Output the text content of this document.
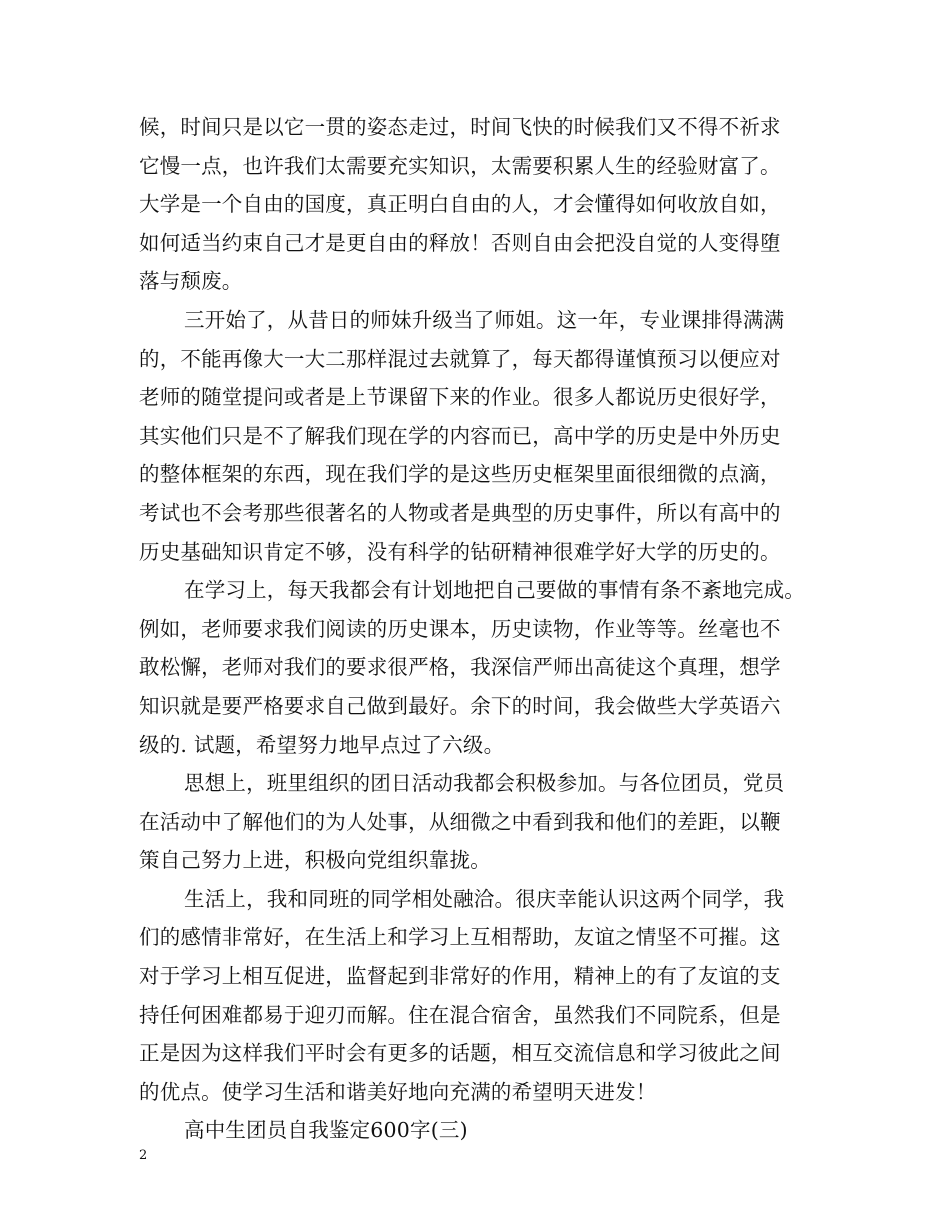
候，时间只是以它一贯的姿态走过，时间飞快的时候我们又不得不祈求
它慢一点，也许我们太需要充实知识，太需要积累人生的经验财富了。
大学是一个自由的国度，真正明白自由的人，才会懂得如何收放自如，
如何适当约束自己才是更自由的释放！否则自由会把没自觉的人变得堕
落与颓废。
三开始了，从昔日的师妹升级当了师姐。这一年，专业课排得满满
的，不能再像大一大二那样混过去就算了，每天都得谨慎预习以便应对
老师的随堂提问或者是上节课留下来的作业。很多人都说历史很好学，
其实他们只是不了解我们现在学的内容而已，高中学的历史是中外历史
的整体框架的东西，现在我们学的是这些历史框架里面很细微的点滴，
考试也不会考那些很著名的人物或者是典型的历史事件，所以有高中的
历史基础知识肯定不够，没有科学的钻研精神很难学好大学的历史的。
在学习上，每天我都会有计划地把自己要做的事情有条不紊地完成。
例如，老师要求我们阅读的历史课本，历史读物，作业等等。丝毫也不
敢松懈，老师对我们的要求很严格，我深信严师出高徒这个真理，想学
知识就是要严格要求自己做到最好。余下的时间，我会做些大学英语六
级的. 试题，希望努力地早点过了六级。
思想上，班里组织的团日活动我都会积极参加。与各位团员，党员
在活动中了解他们的为人处事，从细微之中看到我和他们的差距，以鞭
策自己努力上进，积极向党组织靠拢。
生活上，我和同班的同学相处融洽。很庆幸能认识这两个同学，我
们的感情非常好，在生活上和学习上互相帮助，友谊之情坚不可摧。这
对于学习上相互促进，监督起到非常好的作用，精神上的有了友谊的支
持任何困难都易于迎刃而解。住在混合宿舍，虽然我们不同院系，但是
正是因为这样我们平时会有更多的话题，相互交流信息和学习彼此之间
的优点。使学习生活和谐美好地向充满的希望明天进发！
高中生团员自我鉴定600字(三)
2
